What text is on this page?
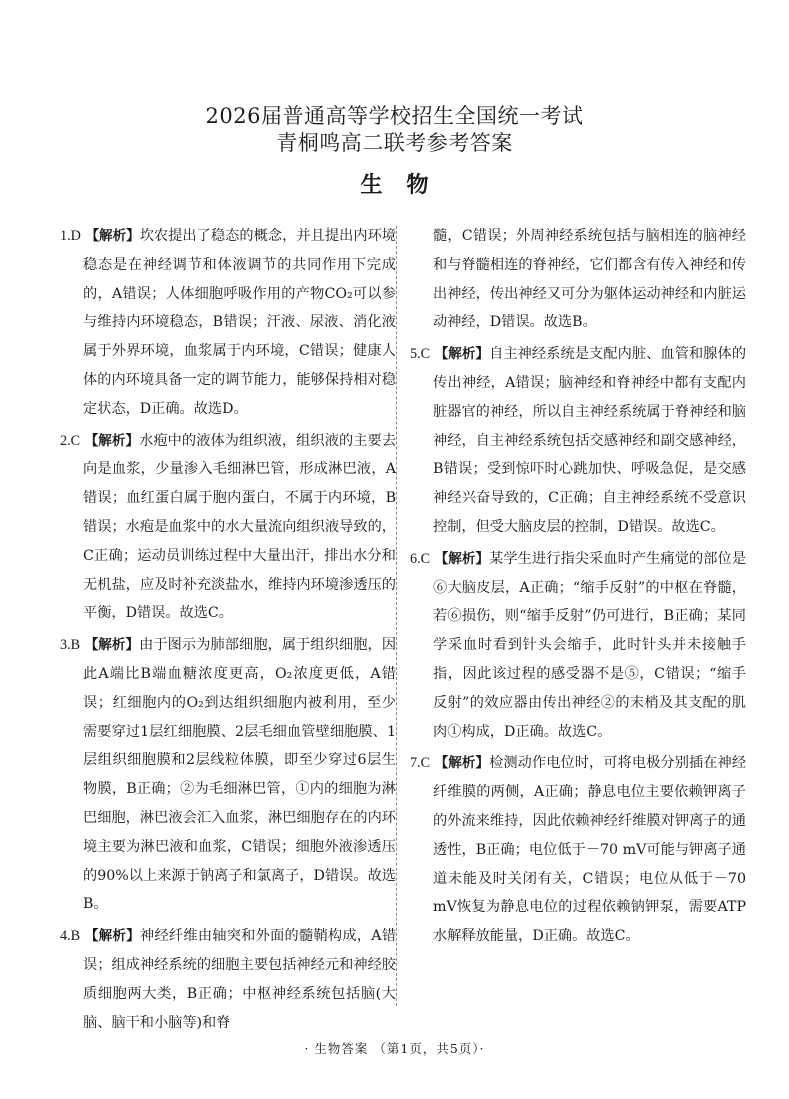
2026届普通高等学校招生全国统一考试
青桐鸣高二联考参考答案
生物
1.D 【解析】坎农提出了稳态的概念，并且提出内环境稳态是在神经调节和体液调节的共同作用下完成的，A错误；人体细胞呼吸作用的产物CO₂可以参与维持内环境稳态，B错误；汗液、尿液、消化液属于外界环境，血浆属于内环境，C错误；健康人体的内环境具备一定的调节能力，能够保持相对稳定状态，D正确。故选D。
2.C 【解析】水疱中的液体为组织液，组织液的主要去向是血浆，少量渗入毛细淋巴管，形成淋巴液，A错误；血红蛋白属于胞内蛋白，不属于内环境，B错误；水疱是血浆中的水大量流向组织液导致的，C正确；运动员训练过程中大量出汗，排出水分和无机盐，应及时补充淡盐水，维持内环境渗透压的平衡，D错误。故选C。
3.B 【解析】由于图示为肺部细胞，属于组织细胞，因此A端比B端血糖浓度更高，O₂浓度更低，A错误；红细胞内的O₂到达组织细胞内被利用，至少需要穿过1层红细胞膜、2层毛细血管壁细胞膜、1层组织细胞膜和2层线粒体膜，即至少穿过6层生物膜，B正确；②为毛细淋巴管，①内的细胞为淋巴细胞，淋巴液会汇入血浆，淋巴细胞存在的内环境主要为淋巴液和血浆，C错误；细胞外液渗透压的90%以上来源于钠离子和氯离子，D错误。故选B。
4.B 【解析】神经纤维由轴突和外面的髓鞘构成，A错误；组成神经系统的细胞主要包括神经元和神经胶质细胞两大类，B正确；中枢神经系统包括脑(大脑、脑干和小脑等)和脊
髓，C错误；外周神经系统包括与脑相连的脑神经和与脊髓相连的脊神经，它们都含有传入神经和传出神经，传出神经又可分为躯体运动神经和内脏运动神经，D错误。故选B。
5.C 【解析】自主神经系统是支配内脏、血管和腺体的传出神经，A错误；脑神经和脊神经中都有支配内脏器官的神经，所以自主神经系统属于脊神经和脑神经，自主神经系统包括交感神经和副交感神经，B错误；受到惊吓时心跳加快、呼吸急促，是交感神经兴奋导致的，C正确；自主神经系统不受意识控制，但受大脑皮层的控制，D错误。故选C。
6.C 【解析】某学生进行指尖采血时产生痛觉的部位是⑥大脑皮层，A正确；“缩手反射”的中枢在脊髓，若⑥损伤，则“缩手反射”仍可进行，B正确；某同学采血时看到针头会缩手，此时针头并未接触手指，因此该过程的感受器不是⑤，C错误；“缩手反射”的效应器由传出神经②的末梢及其支配的肌肉①构成，D正确。故选C。
7.C 【解析】检测动作电位时，可将电极分别插在神经纤维膜的两侧，A正确；静息电位主要依赖钾离子的外流来维持，因此依赖神经纤维膜对钾离子的通透性，B正确；电位低于－70 mV可能与钾离子通道未能及时关闭有关，C错误；电位从低于－70 mV恢复为静息电位的过程依赖钠钾泵，需要ATP水解释放能量，D正确。故选C。
· 生物答案 （第1页，共5页）·
